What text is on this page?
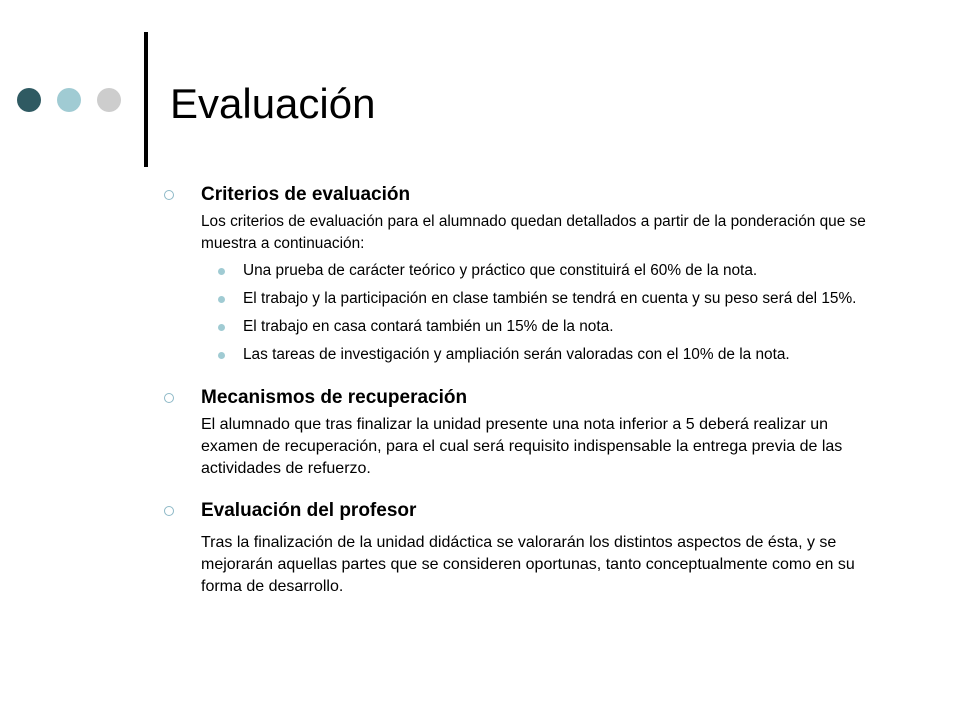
Evaluación
Criterios de evaluación
Los criterios de evaluación para el alumnado quedan detallados a partir de la ponderación que se muestra a continuación:
Una prueba de carácter teórico y práctico que constituirá el 60% de la nota.
El trabajo y la participación en clase también se tendrá en cuenta y su peso será del 15%.
El trabajo en casa contará también un 15% de la nota.
Las tareas de investigación y ampliación serán valoradas con el 10% de la nota.
Mecanismos de recuperación
El alumnado que tras finalizar la unidad presente una nota inferior a 5 deberá realizar un examen de recuperación, para el cual será requisito indispensable la entrega previa de las actividades de refuerzo.
Evaluación del profesor
Tras la finalización de la unidad didáctica se valorarán los distintos aspectos de ésta, y se mejorarán aquellas partes que se consideren oportunas, tanto conceptualmente como en su forma de desarrollo.
